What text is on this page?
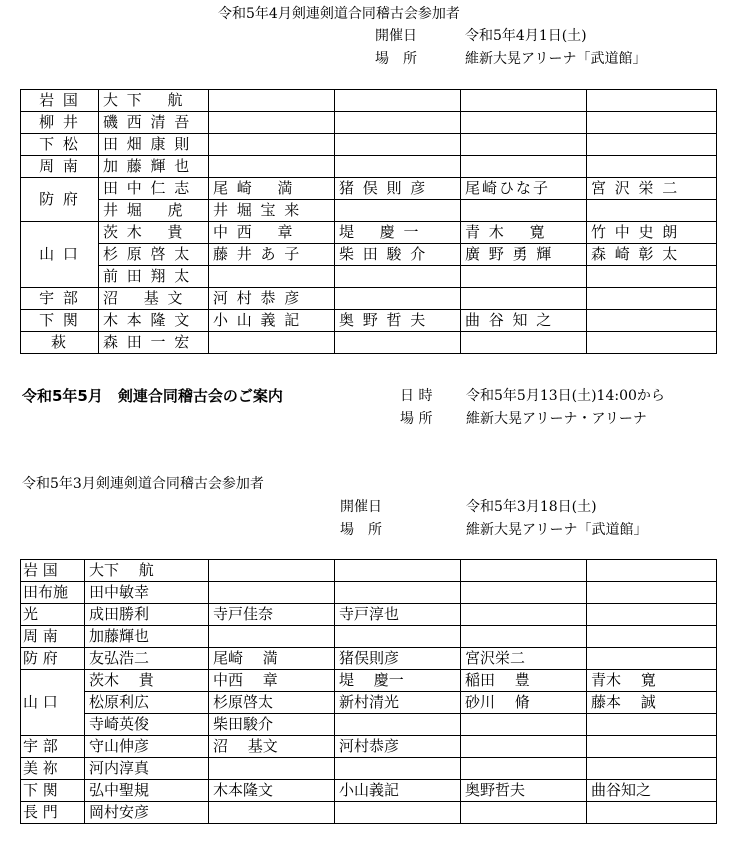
令和5年4月剣連剣道合同稽古会参加者
開催日	令和5年4月1日(土)
場　所	維新大晃アリーナ「武道館」
岩 国	大 下　 航				
柳 井	磯 西 清 吾				
下 松	田 畑 康 則				
周 南	加 藤 輝 也				
防 府	田 中 仁 志	尾 崎　 満	猪 俣 則 彦	尾崎ひな子	宮 沢 栄 二
	井 堀　 虎	井 堀 宝 来			
山 口	茨 木　 貴	中 西　 章	堤　 慶 一	青 木　 寛	竹 中 史 朗
	杉 原 啓 太	藤 井 あ 子	柴 田 駿 介	廣 野 勇 輝	森 崎 彰 太
	前 田 翔 太				
宇 部	沼　 基 文	河 村 恭 彦			
下 関	木 本 隆 文	小 山 義 記	奥 野 哲 夫	曲 谷 知 之	
萩	森 田 一 宏				
令和5年5月　剣連合同稽古会のご案内	日 時 令和5年5月13日(土)14:00から
場 所 維新大晃アリーナ・アリーナ
令和5年3月剣連剣道合同稽古会参加者
開催日	令和5年3月18日(土)
場　所	維新大晃アリーナ「武道館」
岩 国	大下　 航				
田布施	田中敏幸				
光	成田勝利	寺戸佳奈	寺戸淳也		
周 南	加藤輝也				
防 府	友弘浩二	尾崎　 満	猪俣則彦	宮沢栄二	
山 口	茨木　 貴	中西　 章	堤　 慶一	稲田　 豊	青木　 寛
	松原利広	杉原啓太	新村清光	砂川　 脩	藤本　 誠
	寺崎英俊	柴田駿介			
宇 部	守山伸彦	沼　 基文	河村恭彦		
美 祢	河内淳真				
下 関	弘中聖規	木本隆文	小山義記	奥野哲夫	曲谷知之
長 門	岡村安彦				
